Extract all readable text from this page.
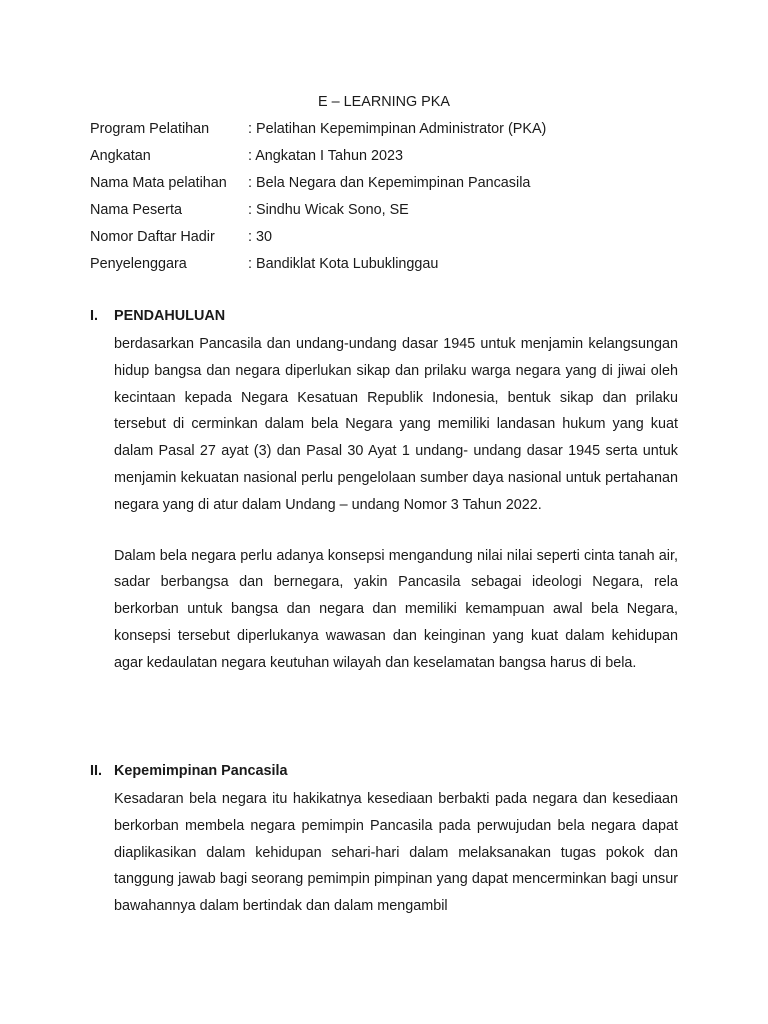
E – LEARNING PKA
Program Pelatihan	: Pelatihan Kepemimpinan Administrator (PKA)
Angkatan	: Angkatan I Tahun 2023
Nama Mata pelatihan	: Bela Negara dan Kepemimpinan Pancasila
Nama Peserta	: Sindhu Wicak Sono, SE
Nomor Daftar Hadir	: 30
Penyelenggara	: Bandiklat Kota Lubuklinggau
I.	PENDAHULUAN

berdasarkan Pancasila dan undang-undang dasar 1945 untuk menjamin kelangsungan hidup bangsa dan negara diperlukan sikap dan prilaku warga negara yang di jiwai oleh kecintaan kepada Negara Kesatuan Republik Indonesia, bentuk sikap dan prilaku tersebut di cerminkan dalam bela Negara yang memiliki landasan hukum yang kuat dalam Pasal 27 ayat (3) dan Pasal 30 Ayat 1 undang- undang dasar 1945 serta untuk menjamin kekuatan nasional perlu pengelolaan sumber daya nasional untuk pertahanan negara yang di atur dalam Undang – undang Nomor 3 Tahun 2022.

Dalam bela negara perlu adanya konsepsi mengandung nilai nilai seperti cinta tanah air, sadar berbangsa dan bernegara, yakin Pancasila sebagai ideologi Negara, rela berkorban untuk bangsa dan negara dan memiliki kemampuan awal bela Negara, konsepsi tersebut diperlukanya wawasan dan keinginan yang kuat dalam kehidupan agar kedaulatan negara keutuhan wilayah dan keselamatan bangsa harus di bela.

II. Kepemimpinan Pancasila

Kesadaran bela negara itu hakikatnya kesediaan berbakti pada negara dan kesediaan berkorban membela negara pemimpin Pancasila pada perwujudan bela negara dapat diaplikasikan dalam kehidupan sehari-hari dalam melaksanakan tugas pokok dan tanggung jawab bagi seorang pemimpin pimpinan yang dapat mencerminkan bagi unsur bawahannya dalam bertindak dan dalam mengambil
